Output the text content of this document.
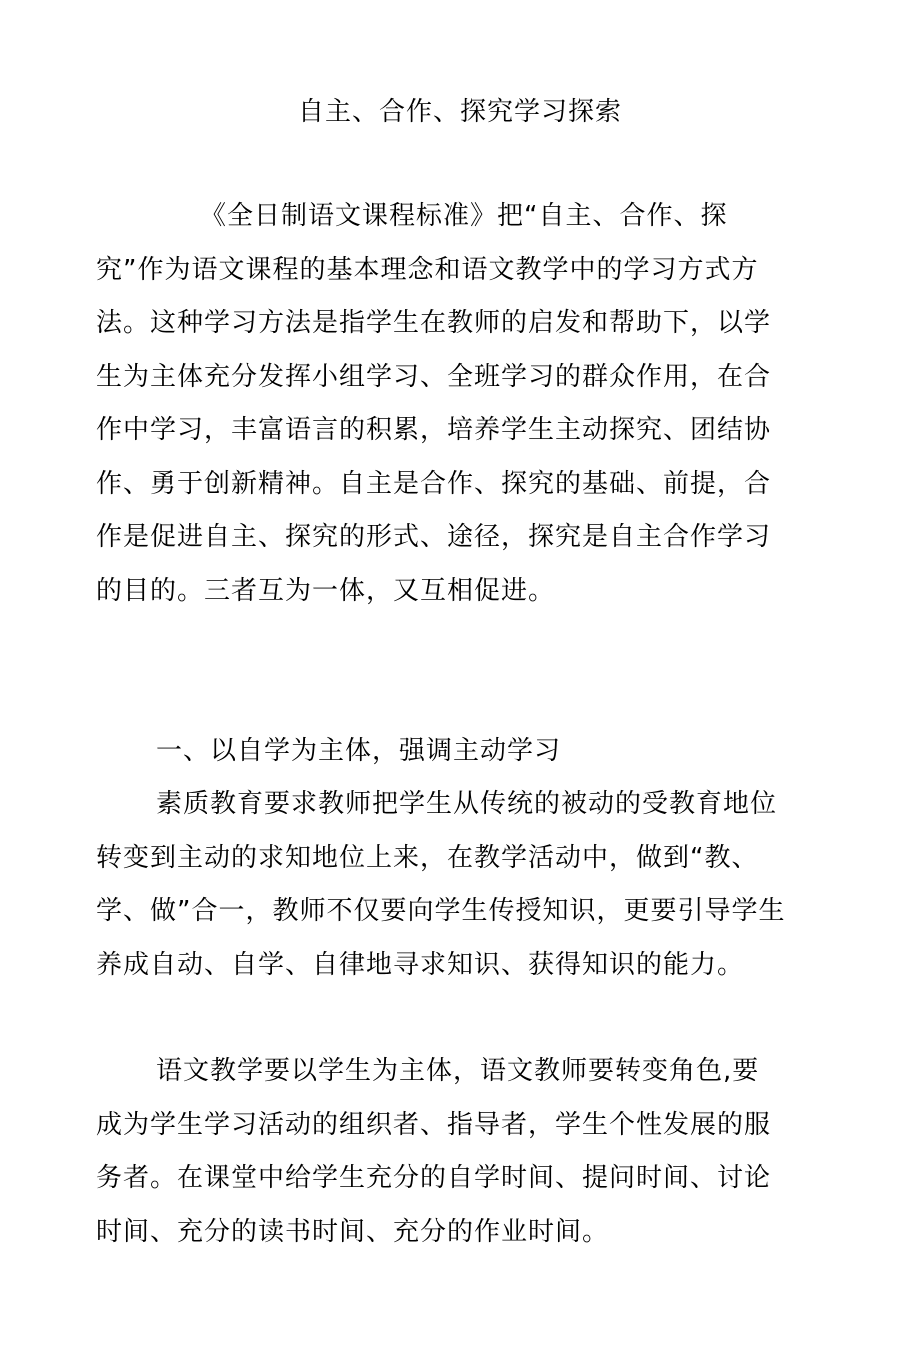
自主、合作、探究学习探索

《全日制语文课程标准》把“自主、合作、探究”作为语文课程的基本理念和语文教学中的学习方式方法。这种学习方法是指学生在教师的启发和帮助下，以学生为主体充分发挥小组学习、全班学习的群众作用，在合作中学习，丰富语言的积累，培养学生主动探究、团结协作、勇于创新精神。自主是合作、探究的基础、前提，合作是促进自主、探究的形式、途径，探究是自主合作学习的目的。三者互为一体，又互相促进。

一、以自学为主体，强调主动学习

素质教育要求教师把学生从传统的被动的受教育地位转变到主动的求知地位上来，在教学活动中，做到“教、学、做”合一，教师不仅要向学生传授知识，更要引导学生养成自动、自学、自律地寻求知识、获得知识的能力。

语文教学要以学生为主体，语文教师要转变角色,要成为学生学习活动的组织者、指导者，学生个性发展的服务者。在课堂中给学生充分的自学时间、提问时间、讨论时间、充分的读书时间、充分的作业时间。
